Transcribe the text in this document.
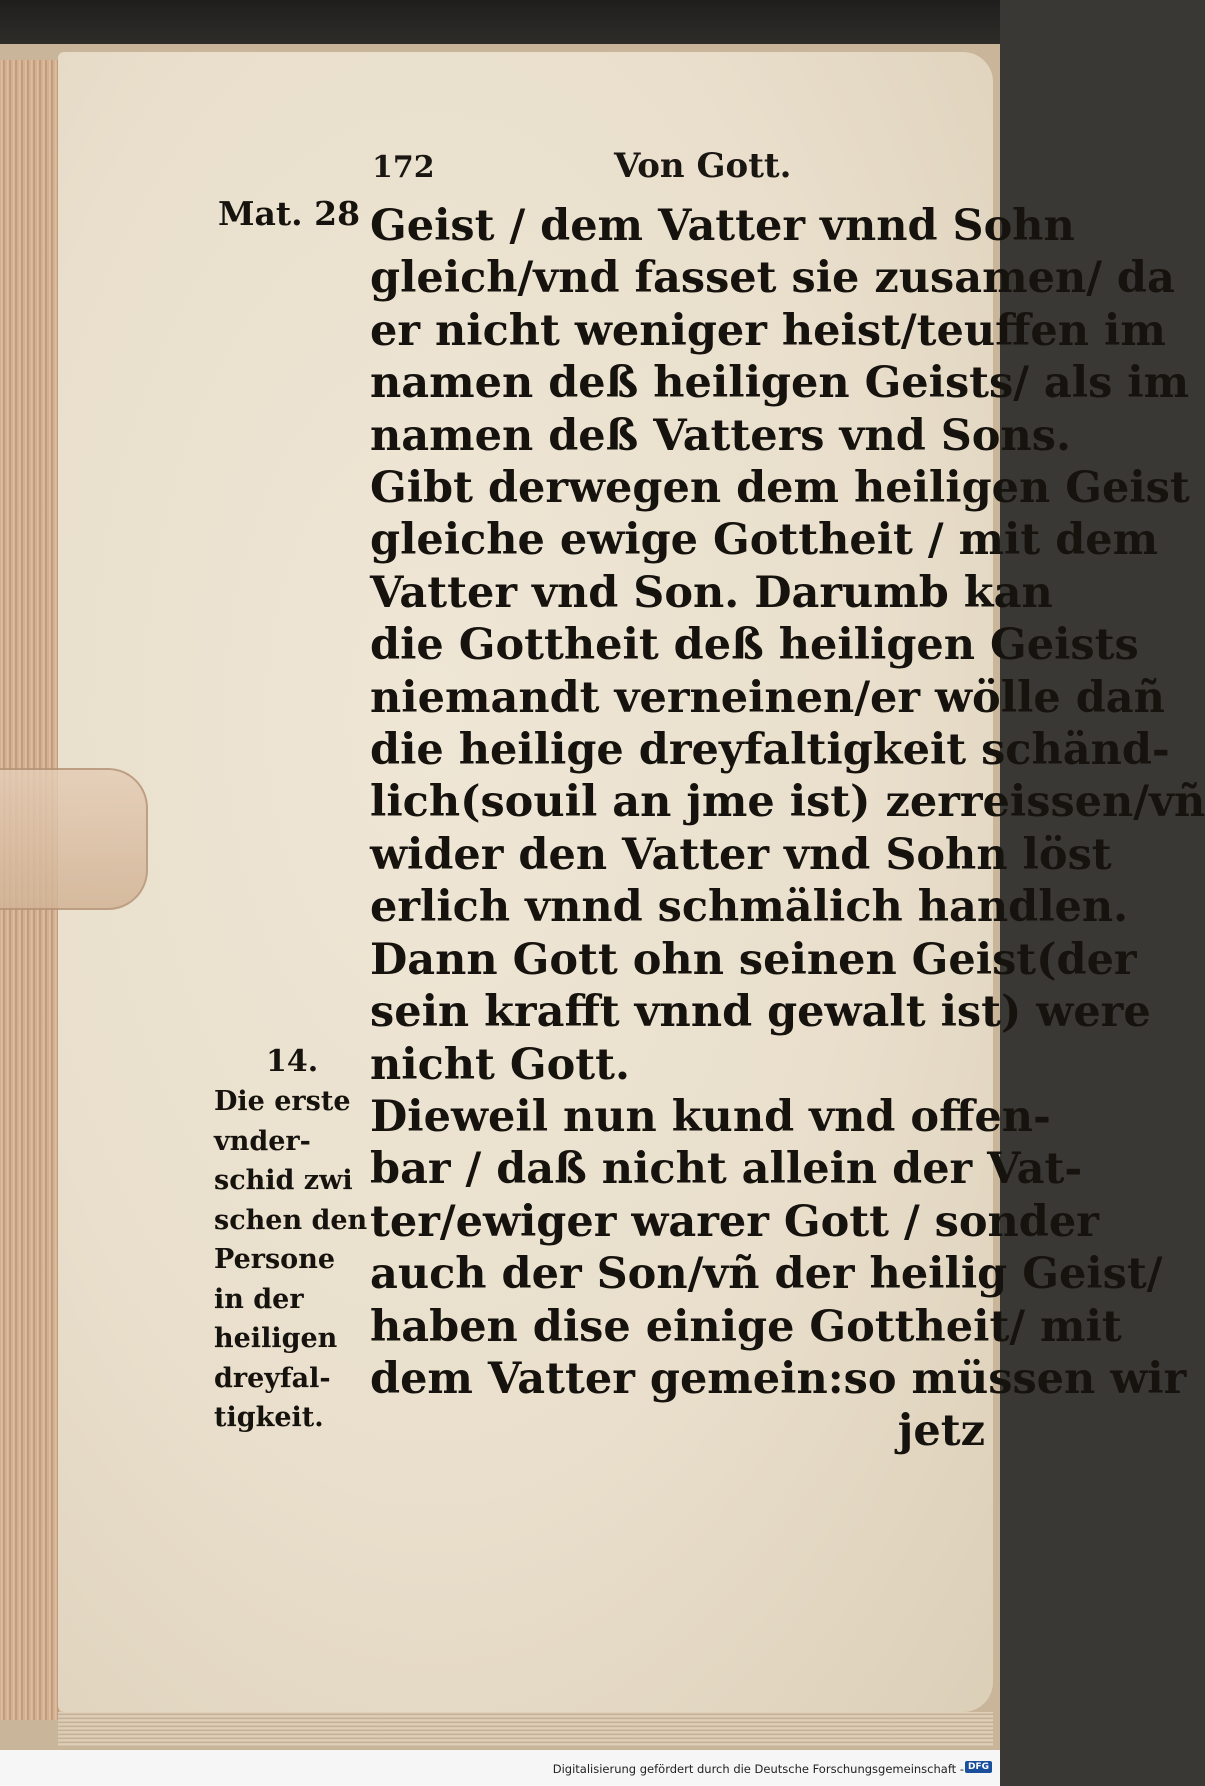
172	Von Gott.
Mat. 28
14.
Die erste
vnder-
schid zwi
schen den
Persone
in der
heiligen
dreyfal-
tigkeit.
Geist / dem Vatter vnnd Sohn
gleich/vnd fasset sie zusamen/ da
er nicht weniger heist/teuffen im
namen deß heiligen Geists/ als im
namen deß Vatters vnd Sons.
Gibt derwegen dem heiligen Geist
gleiche ewige Gottheit / mit dem
Vatter vnd Son. Darumb kan
die Gottheit deß heiligen Geists
niemandt verneinen/er wölle dañ
die heilige dreyfaltigkeit schänd-
lich(souil an jme ist) zerreissen/vñ
wider den Vatter vnd Sohn löst
erlich vnnd schmälich handlen.
Dann Gott ohn seinen Geist(der
sein krafft vnnd gewalt ist) were
nicht Gott.
Dieweil nun kund vnd offen-
bar / daß nicht allein der Vat-
ter/ewiger warer Gott / sonder
auch der Son/vñ der heilig Geist/
haben dise einige Gottheit/ mit
dem Vatter gemein:so müssen wir
jetz
Digitalisierung gefördert durch die Deutsche Forschungsgemeinschaft - DFG
